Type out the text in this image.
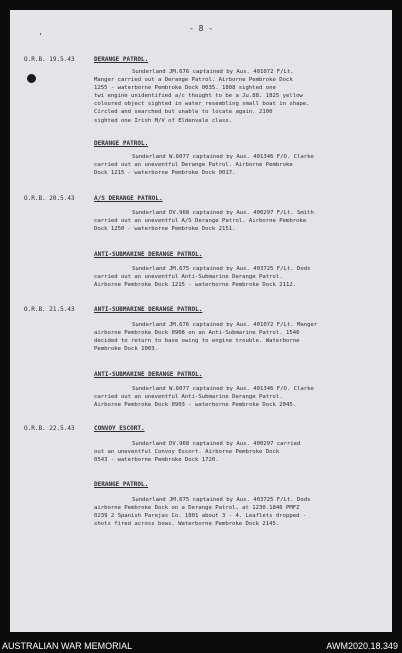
- 8 -
'
O.R.B. 19.5.43	DERANGE PATROL.
Sunderland JM.676 captained by Aus. 401072 F/Lt.
Manger carried out a Derange Patrol. Airborne Pembroke Dock
1255 - waterborne Pembroke Dock 0035. 1808 sighted one
twi engine unidentified a/c thought to be a Ju.88. 1825 yellow
coloured object sighted in water resembling small boat in shape.
Circled and searched but unable to locate again. 2100
sighted one Irish M/V of Eldenvale class.
DERANGE PATROL.
Sunderland W.6077 captained by Aus. 401346 F/O. Clarke
carried out an uneventful Derange Patrol. Airborne Pembroke
Dock 1215 - waterborne Pembroke Dock 0017.
O.R.B. 20.5.43	A/S DERANGE PATROL.
Sunderland DV.968 captained by Aus. 400297 F/Lt. Smith
carried out an uneventful A/S Derange Patrol. Airborne Pembroke
Dock 1250 - waterborne Pembroke Dock 2151.
ANTI-SUBMARINE DERANGE PATROL.
Sunderland JM.675 captained by Aus. 403725 F/Lt. Dods
carried out an uneventful Anti-Submarine Derange Patrol.
Airborne Pembroke Dock 1215 - waterborne Pembroke Dock 2112.
O.R.B. 21.5.43	ANTI-SUBMARINE DERANGE PATROL.
Sunderland JM.676 captained by Aus. 401072 F/Lt. Manger
airborne Pembroke Dock 0908 on an Anti-Submarine Patrol. 1546
decided to return to base owing to engine trouble. Waterborne
Pembroke Dock 1003.
ANTI-SUBMARINE DERANGE PATROL.
Sunderland W.6077 captained by Aus. 401346 F/O. Clarke
carried out an uneventful Anti-Submarine Derange Patrol.
Airborne Pembroke Dock 0903 - waterborne Pembroke Dock 2045.
O.R.B. 22.5.43	CONVOY ESCORT.
Sunderland DV.968 captained by Aus. 400297 carried
out an uneventful Convoy Escort. Airborne Pembroke Dock
0543 - waterborne Pembroke Dock 1720.
DERANGE PATROL.
Sunderland JM.675 captained by Aus. 403725 F/Lt. Dods
airborne Pembroke Dock on a Derange Patrol, at 1230.1846 PMFZ
0239 2 Spanish Parejas Co. 1801 about 3 - 4. Leaflets dropped -
shots fired across bows. Waterborne Pembroke Dock 2145.
AUSTRALIAN WAR MEMORIAL	AWM2020.18.349
